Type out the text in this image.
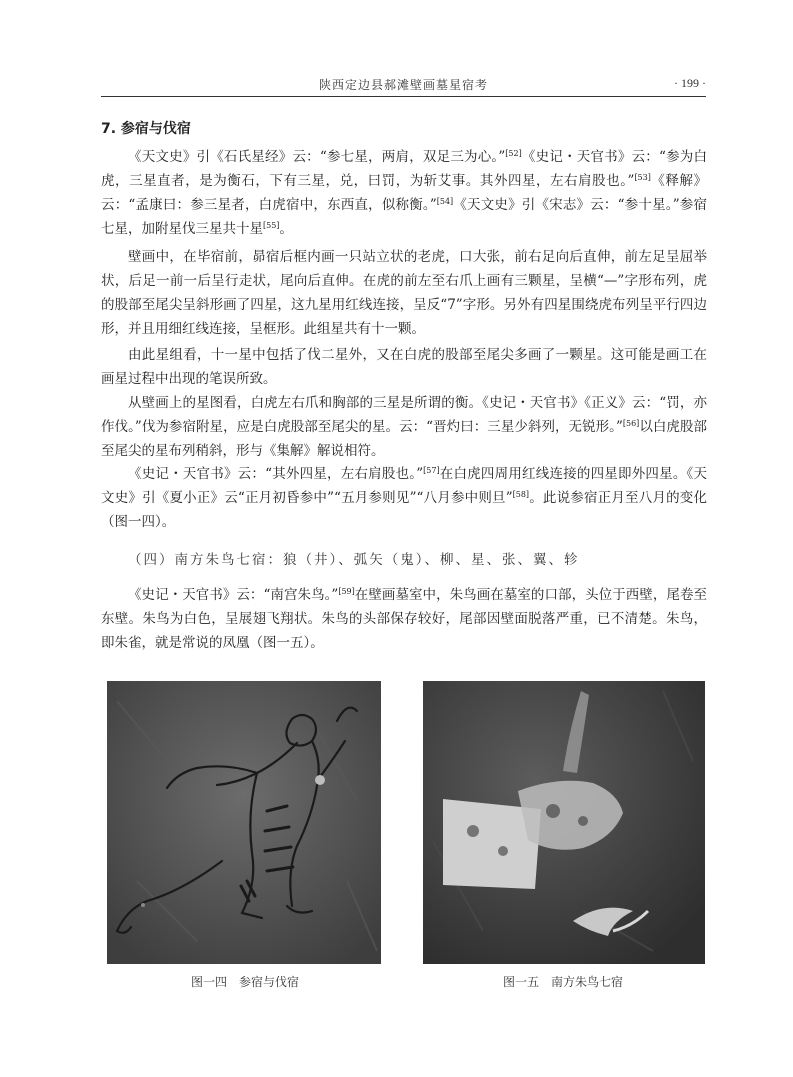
陕西定边县郝滩壁画墓星宿考	· 199 ·
7. 参宿与伐宿

《天文史》引《石氏星经》云：“参七星，两肩，双足三为心。”[52]《史记・天官书》云：“参为白虎，三星直者，是为衡石，下有三星，兑，曰罚，为斩艾事。其外四星，左右肩股也。”[53]《释解》云：“孟康曰：参三星者，白虎宿中，东西直，似称衡。”[54]《天文史》引《宋志》云：“参十星。”参宿七星，加附星伐三星共十星[55]。

壁画中，在毕宿前，昴宿后框内画一只站立状的老虎，口大张，前右足向后直伸，前左足呈屈举状，后足一前一后呈行走状，尾向后直伸。在虎的前左至右爪上画有三颗星，呈横“—”字形布列，虎的股部至尾尖呈斜形画了四星，这九星用红线连接，呈反“7”字形。另外有四星围绕虎布列呈平行四边形，并且用细红线连接，呈框形。此组星共有十一颗。

由此星组看，十一星中包括了伐二星外，又在白虎的股部至尾尖多画了一颗星。这可能是画工在画星过程中出现的笔误所致。

从壁画上的星图看，白虎左右爪和胸部的三星是所谓的衡。《史记・天官书》《正义》云：“罚，亦作伐。”伐为参宿附星，应是白虎股部至尾尖的星。云：“晋灼曰：三星少斜列，无锐形。”[56]以白虎股部至尾尖的星布列稍斜，形与《集解》解说相符。

《史记・天官书》云：“其外四星，左右肩股也。”[57]在白虎四周用红线连接的四星即外四星。《天文史》引《夏小正》云“正月初昏参中”“五月参则见”“八月参中则旦”[58]。此说参宿正月至八月的变化（图一四）。

（四）南方朱鸟七宿：狼（井）、弧矢（鬼）、柳、星、张、翼、轸

《史记・天官书》云：“南宫朱鸟。”[59]在壁画墓室中，朱鸟画在墓室的口部，头位于西壁，尾卷至东壁。朱鸟为白色，呈展翅飞翔状。朱鸟的头部保存较好，尾部因壁面脱落严重，已不清楚。朱鸟，即朱雀，就是常说的凤凰（图一五）。

图一四　参宿与伐宿	图一五　南方朱鸟七宿
